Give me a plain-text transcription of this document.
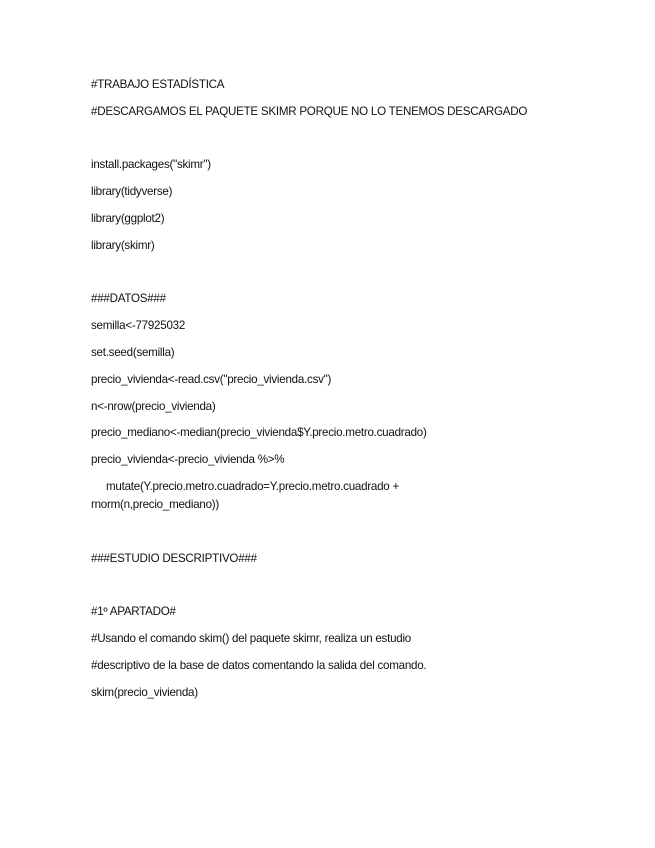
#TRABAJO ESTADÍSTICA
#DESCARGAMOS EL PAQUETE SKIMR PORQUE NO LO TENEMOS DESCARGADO
install.packages("skimr")
library(tidyverse)
library(ggplot2)
library(skimr)
###DATOS###
semilla<-77925032
set.seed(semilla)
precio_vivienda<-read.csv("precio_vivienda.csv")
n<-nrow(precio_vivienda)
precio_mediano<-median(precio_vivienda$Y.precio.metro.cuadrado)
precio_vivienda<-precio_vivienda %>%
mutate(Y.precio.metro.cuadrado=Y.precio.metro.cuadrado +
rnorm(n,precio_mediano))
###ESTUDIO DESCRIPTIVO###
#1º APARTADO#
#Usando el comando skim() del paquete skimr, realiza un estudio
#descriptivo de la base de datos comentando la salida del comando.
skim(precio_vivienda)
